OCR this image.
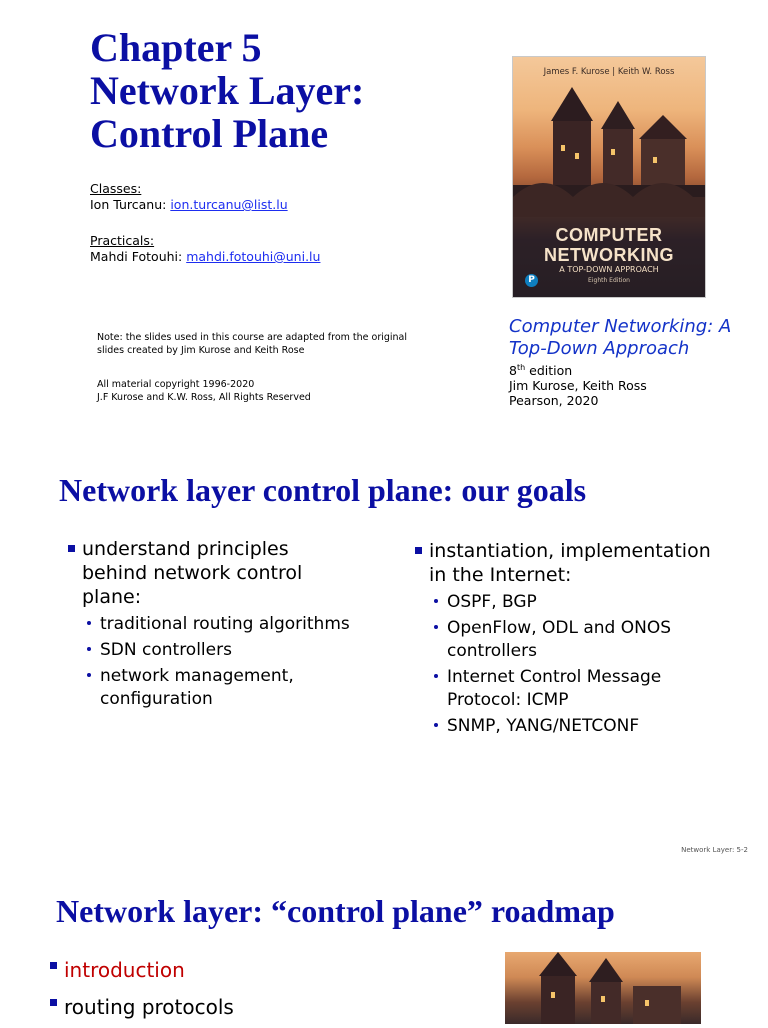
Chapter 5
Network Layer:
Control Plane
Classes:
Ion Turcanu: ion.turcanu@list.lu
Practicals:
Mahdi Fotouhi: mahdi.fotouhi@uni.lu
Note: the slides used in this course are adapted from the original
slides created by Jim Kurose and Keith Rose
All material copyright 1996-2020
J.F Kurose and K.W. Ross, All Rights Reserved
James F. Kurose | Keith W. Ross
COMPUTER
NETWORKING
A TOP-DOWN APPROACH
Eighth Edition
P
Computer Networking: A
Top-Down Approach
8th edition
Jim Kurose, Keith Ross
Pearson, 2020
Network layer control plane: our goals
understand principles
behind network control
plane:
traditional routing algorithms
SDN controllers
network management,
configuration
instantiation, implementation
in the Internet:
OSPF, BGP
OpenFlow, ODL and ONOS
controllers
Internet Control Message
Protocol: ICMP
SNMP, YANG/NETCONF
Network Layer: 5-2
Network layer: “control plane” roadmap
introduction
routing protocols
